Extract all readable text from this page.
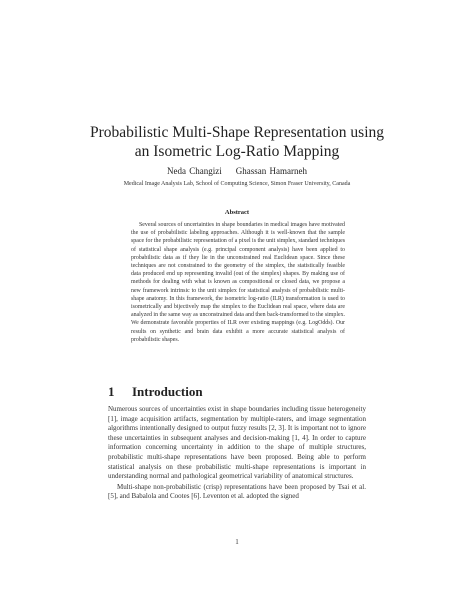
Probabilistic Multi-Shape Representation using
an Isometric Log-Ratio Mapping
Neda Changizi Ghassan Hamarneh
Medical Image Analysis Lab, School of Computing Science, Simon Fraser University, Canada
Abstract
Several sources of uncertainties in shape boundaries in medical images have motivated the use of probabilistic labeling approaches. Although it is well-known that the sample space for the probabilistic representation of a pixel is the unit simplex, standard techniques of statistical shape analysis (e.g. principal component analysis) have been applied to probabilistic data as if they lie in the unconstrained real Euclidean space. Since these techniques are not constrained to the geometry of the simplex, the statistically feasible data produced end up representing invalid (out of the simplex) shapes. By making use of methods for dealing with what is known as compositional or closed data, we propose a new framework intrinsic to the unit simplex for statistical analysis of probabilistic multi-shape anatomy. In this framework, the isometric log-ratio (ILR) transformation is used to isometrically and bijectively map the simplex to the Euclidean real space, where data are analyzed in the same way as unconstrained data and then back-transformed to the simplex. We demonstrate favorable properties of ILR over existing mappings (e.g. LogOdds). Our results on synthetic and brain data exhibit a more accurate statistical analysis of probabilistic shapes.
1 Introduction

Numerous sources of uncertainties exist in shape boundaries including tissue heterogeneity [1], image acquisition artifacts, segmentation by multiple-raters, and image segmentation algorithms intentionally designed to output fuzzy results [2, 3]. It is important not to ignore these uncertainties in subsequent analyses and decision-making [1, 4]. In order to capture information concerning uncertainty in addition to the shape of multiple structures, probabilistic multi-shape representations have been proposed. Being able to perform statistical analysis on these probabilistic multi-shape representations is important in understanding normal and pathological geometrical variability of anatomical structures.

Multi-shape non-probabilistic (crisp) representations have been proposed by Tsai et al. [5], and Babalola and Cootes [6]. Leventon et al. adopted the signed

1
